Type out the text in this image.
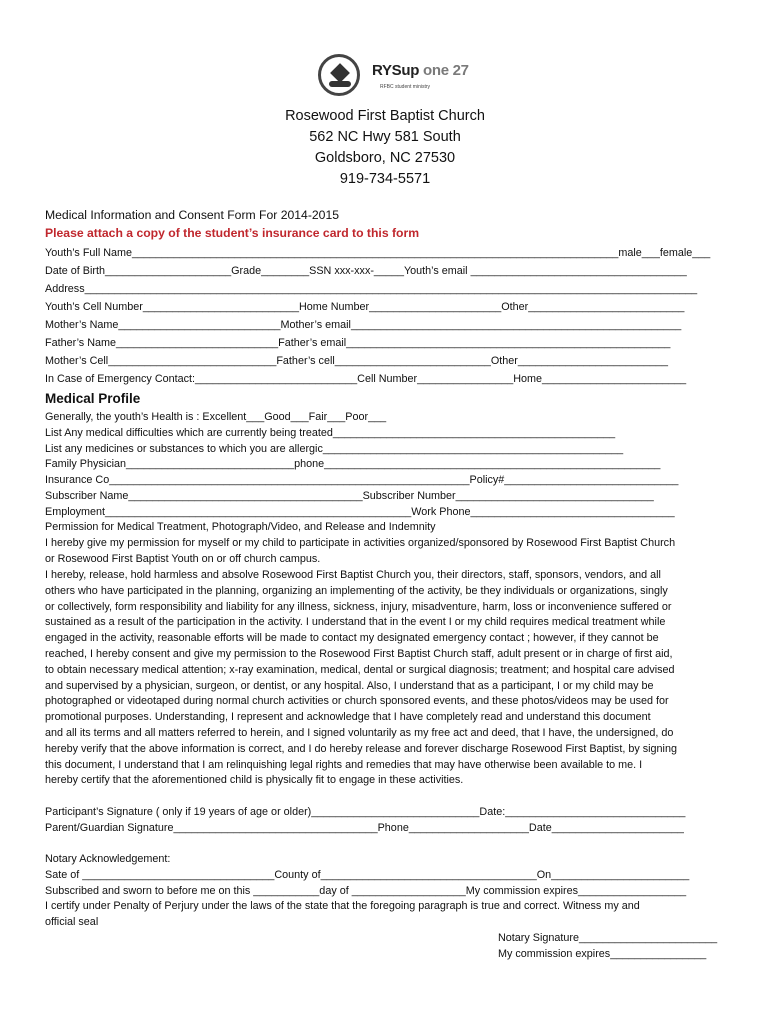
RYSup one 27
RFBC student ministry
Rosewood First Baptist Church
562 NC Hwy 581 South
Goldsboro, NC 27530
919-734-5571
Medical Information and Consent Form For 2014-2015
Please attach a copy of the student’s insurance card to this form
Youth’s Full Name_________________________________________________________________________________male___female___
Date of Birth_____________________Grade________SSN xxx-xxx-_____Youth’s email ____________________________________
Address______________________________________________________________________________________________________
Youth’s Cell Number__________________________Home Number______________________Other__________________________
Mother’s Name___________________________Mother’s email_______________________________________________________
Father’s Name___________________________Father’s email______________________________________________________
Mother’s Cell____________________________Father’s cell__________________________Other_________________________
In Case of Emergency Contact:___________________________Cell Number________________Home________________________
Medical Profile
Generally, the youth’s Health is : Excellent___Good___Fair___Poor___
List Any medical difficulties which are currently being treated_______________________________________________
List any medicines or substances to which you are allergic__________________________________________________
Family Physician____________________________phone________________________________________________________
Insurance Co____________________________________________________________Policy#_____________________________
Subscriber Name_______________________________________Subscriber Number_________________________________
Employment___________________________________________________Work Phone__________________________________
Permission for Medical Treatment, Photograph/Video, and Release and Indemnity
I hereby give my permission for myself or my child to participate in activities organized/sponsored by Rosewood First Baptist Church
or Rosewood First Baptist Youth on or off church campus.
I hereby, release, hold harmless and absolve Rosewood First Baptist Church you, their directors, staff, sponsors, vendors, and all
others who have participated in the planning, organizing an implementing of the activity, be they individuals or organizations, singly
or collectively, form responsibility and liability for any illness, sickness, injury, misadventure, harm, loss or inconvenience suffered or
sustained as a result of the participation in the activity. I understand that in the event I or my child requires medical treatment while
engaged in the activity, reasonable efforts will be made to contact my designated emergency contact ; however, if they cannot be
reached, I hereby consent and give my permission to the Rosewood First Baptist Church staff, adult present or in charge of first aid,
to obtain necessary medical attention; x-ray examination, medical, dental or surgical diagnosis; treatment; and hospital care advised
and supervised by a physician, surgeon, or dentist, or any hospital. Also, I understand that as a participant, I or my child may be
photographed or videotaped during normal church activities or church sponsored events, and these photos/videos may be used for
promotional purposes. Understanding, I represent and acknowledge that I have completely read and understand this document
and all its terms and all matters referred to herein, and I signed voluntarily as my free act and deed, that I have, the undersigned, do
hereby verify that the above information is correct, and I do hereby release and forever discharge Rosewood First Baptist, by signing
this document, I understand that I am relinquishing legal rights and remedies that may have otherwise been available to me. I
hereby certify that the aforementioned child is physically fit to engage in these activities.
Participant’s Signature ( only if 19 years of age or older)____________________________Date:______________________________
Parent/Guardian Signature__________________________________Phone____________________Date______________________
Notary Acknowledgement:
Sate of ________________________________County of____________________________________On_______________________
Subscribed and sworn to before me on this ___________day of ___________________My commission expires__________________
I certify under Penalty of Perjury under the laws of the state that the foregoing paragraph is true and correct. Witness my and
official seal
Notary Signature_______________________
My commission expires________________
